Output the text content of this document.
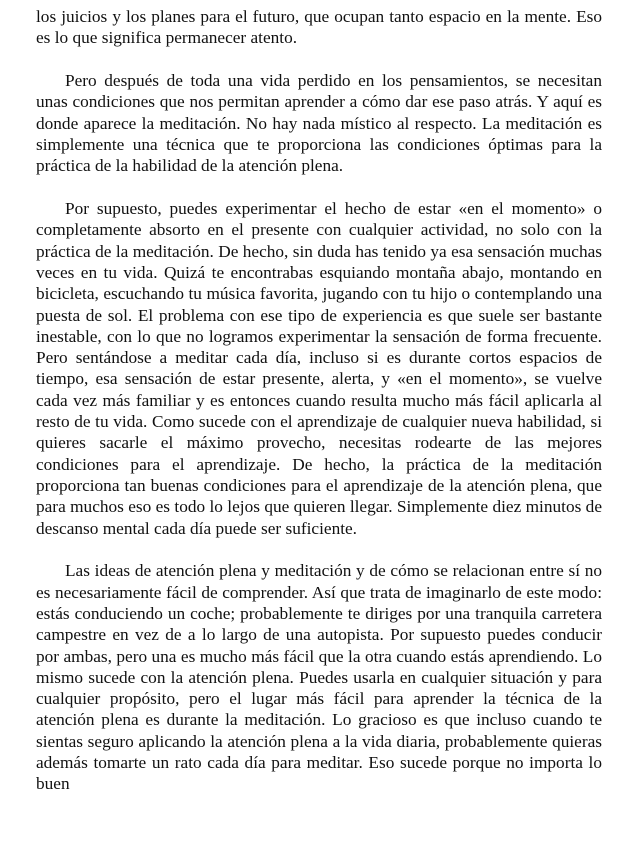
los juicios y los planes para el futuro, que ocupan tanto espacio en la mente. Eso es lo que significa permanecer atento.

Pero después de toda una vida perdido en los pensamientos, se necesitan unas condiciones que nos permitan aprender a cómo dar ese paso atrás. Y aquí es donde aparece la meditación. No hay nada místico al respecto. La meditación es simplemente una técnica que te proporciona las condiciones óptimas para la práctica de la habilidad de la atención plena.

Por supuesto, puedes experimentar el hecho de estar «en el momento» o completamente absorto en el presente con cualquier actividad, no solo con la práctica de la meditación. De hecho, sin duda has tenido ya esa sensación muchas veces en tu vida. Quizá te encontrabas esquiando montaña abajo, montando en bicicleta, escuchando tu música favorita, jugando con tu hijo o contemplando una puesta de sol. El problema con ese tipo de experiencia es que suele ser bastante inestable, con lo que no logramos experimentar la sensación de forma frecuente. Pero sentándose a meditar cada día, incluso si es durante cortos espacios de tiempo, esa sensación de estar presente, alerta, y «en el momento», se vuelve cada vez más familiar y es entonces cuando resulta mucho más fácil aplicarla al resto de tu vida. Como sucede con el aprendizaje de cualquier nueva habilidad, si quieres sacarle el máximo provecho, necesitas rodearte de las mejores condiciones para el aprendizaje. De hecho, la práctica de la meditación proporciona tan buenas condiciones para el aprendizaje de la atención plena, que para muchos eso es todo lo lejos que quieren llegar. Simplemente diez minutos de descanso mental cada día puede ser suficiente.

Las ideas de atención plena y meditación y de cómo se relacionan entre sí no es necesariamente fácil de comprender. Así que trata de imaginarlo de este modo: estás conduciendo un coche; probablemente te diriges por una tranquila carretera campestre en vez de a lo largo de una autopista. Por supuesto puedes conducir por ambas, pero una es mucho más fácil que la otra cuando estás aprendiendo. Lo mismo sucede con la atención plena. Puedes usarla en cualquier situación y para cualquier propósito, pero el lugar más fácil para aprender la técnica de la atención plena es durante la meditación. Lo gracioso es que incluso cuando te sientas seguro aplicando la atención plena a la vida diaria, probablemente quieras además tomarte un rato cada día para meditar. Eso sucede porque no importa lo buen
